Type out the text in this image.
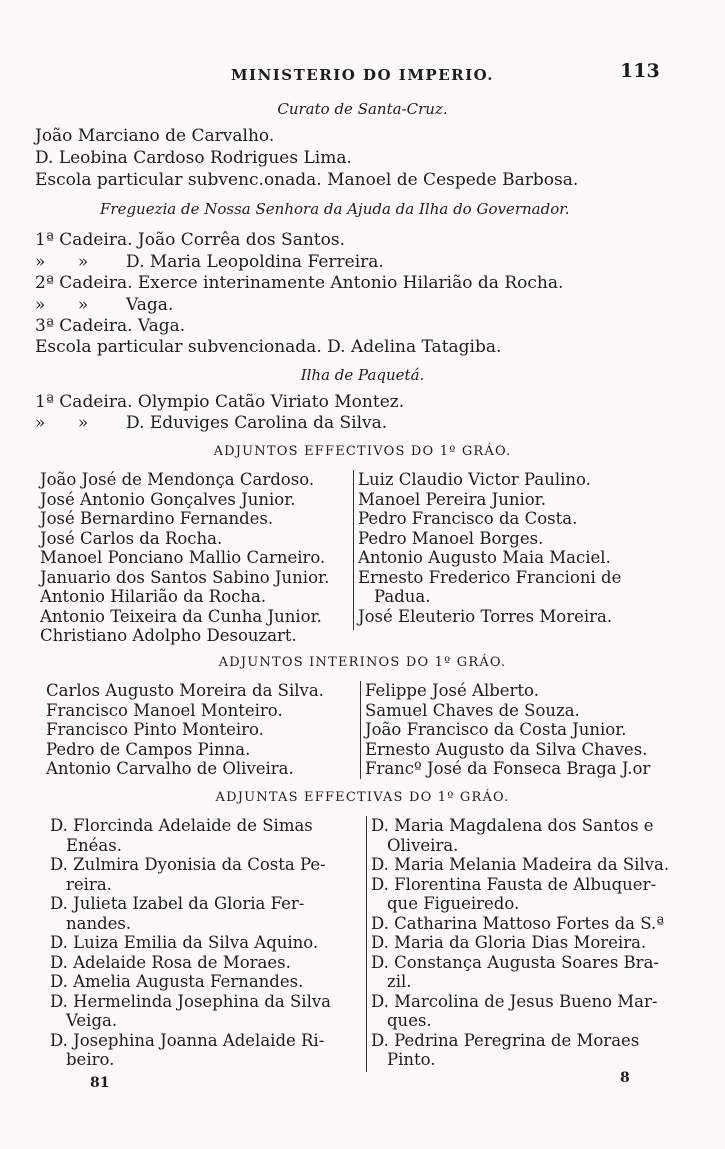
MINISTERIO DO IMPERIO.	113
Curato de Santa-Cruz.
João Marciano de Carvalho.
D. Leobina Cardoso Rodrigues Lima.
Escola particular subvenc.onada. Manoel de Cespede Barbosa.
Freguezia de Nossa Senhora da Ajuda da Ilha do Governador.
1ª Cadeira. João Corrêa dos Santos.
»      »       D. Maria Leopoldina Ferreira.
2ª Cadeira. Exerce interinamente Antonio Hilarião da Rocha.
»      »       Vaga.
3ª Cadeira. Vaga.
Escola particular subvencionada. D. Adelina Tatagiba.
Ilha de Paquetá.
1ª Cadeira. Olympio Catão Viriato Montez.
»      »       D. Eduviges Carolina da Silva.
ADJUNTOS EFFECTIVOS DO 1º GRÁO.
João José de Mendonça Cardoso.
José Antonio Gonçalves Junior.
José Bernardino Fernandes.
José Carlos da Rocha.
Manoel Ponciano Mallio Carneiro.
Januario dos Santos Sabino Junior.
Antonio Hilarião da Rocha.
Antonio Teixeira da Cunha Junior.
Christiano Adolpho Desouzart.
Luiz Claudio Victor Paulino.
Manoel Pereira Junior.
Pedro Francisco da Costa.
Pedro Manoel Borges.
Antonio Augusto Maia Maciel.
Ernesto Frederico Francioni de
Padua.
José Eleuterio Torres Moreira.
ADJUNTOS INTERINOS DO 1º GRÁO.
Carlos Augusto Moreira da Silva.
Francisco Manoel Monteiro.
Francisco Pinto Monteiro.
Pedro de Campos Pinna.
Antonio Carvalho de Oliveira.
Felippe José Alberto.
Samuel Chaves de Souza.
João Francisco da Costa Junior.
Ernesto Augusto da Silva Chaves.
Francº José da Fonseca Braga J.or
ADJUNTAS EFFECTIVAS DO 1º GRÁO.
D. Florcinda Adelaide de Simas
Enéas.
D. Zulmira Dyonisia da Costa Pe-
reira.
D. Julieta Izabel da Gloria Fer-
nandes.
D. Luiza Emilia da Silva Aquino.
D. Adelaide Rosa de Moraes.
D. Amelia Augusta Fernandes.
D. Hermelinda Josephina da Silva
Veiga.
D. Josephina Joanna Adelaide Ri-
beiro.
D. Maria Magdalena dos Santos e
Oliveira.
D. Maria Melania Madeira da Silva.
D. Florentina Fausta de Albuquer-
que Figueiredo.
D. Catharina Mattoso Fortes da S.ª
D. Maria da Gloria Dias Moreira.
D. Constança Augusta Soares Bra-
zil.
D. Marcolina de Jesus Bueno Mar-
ques.
D. Pedrina Peregrina de Moraes
Pinto.
81	8
